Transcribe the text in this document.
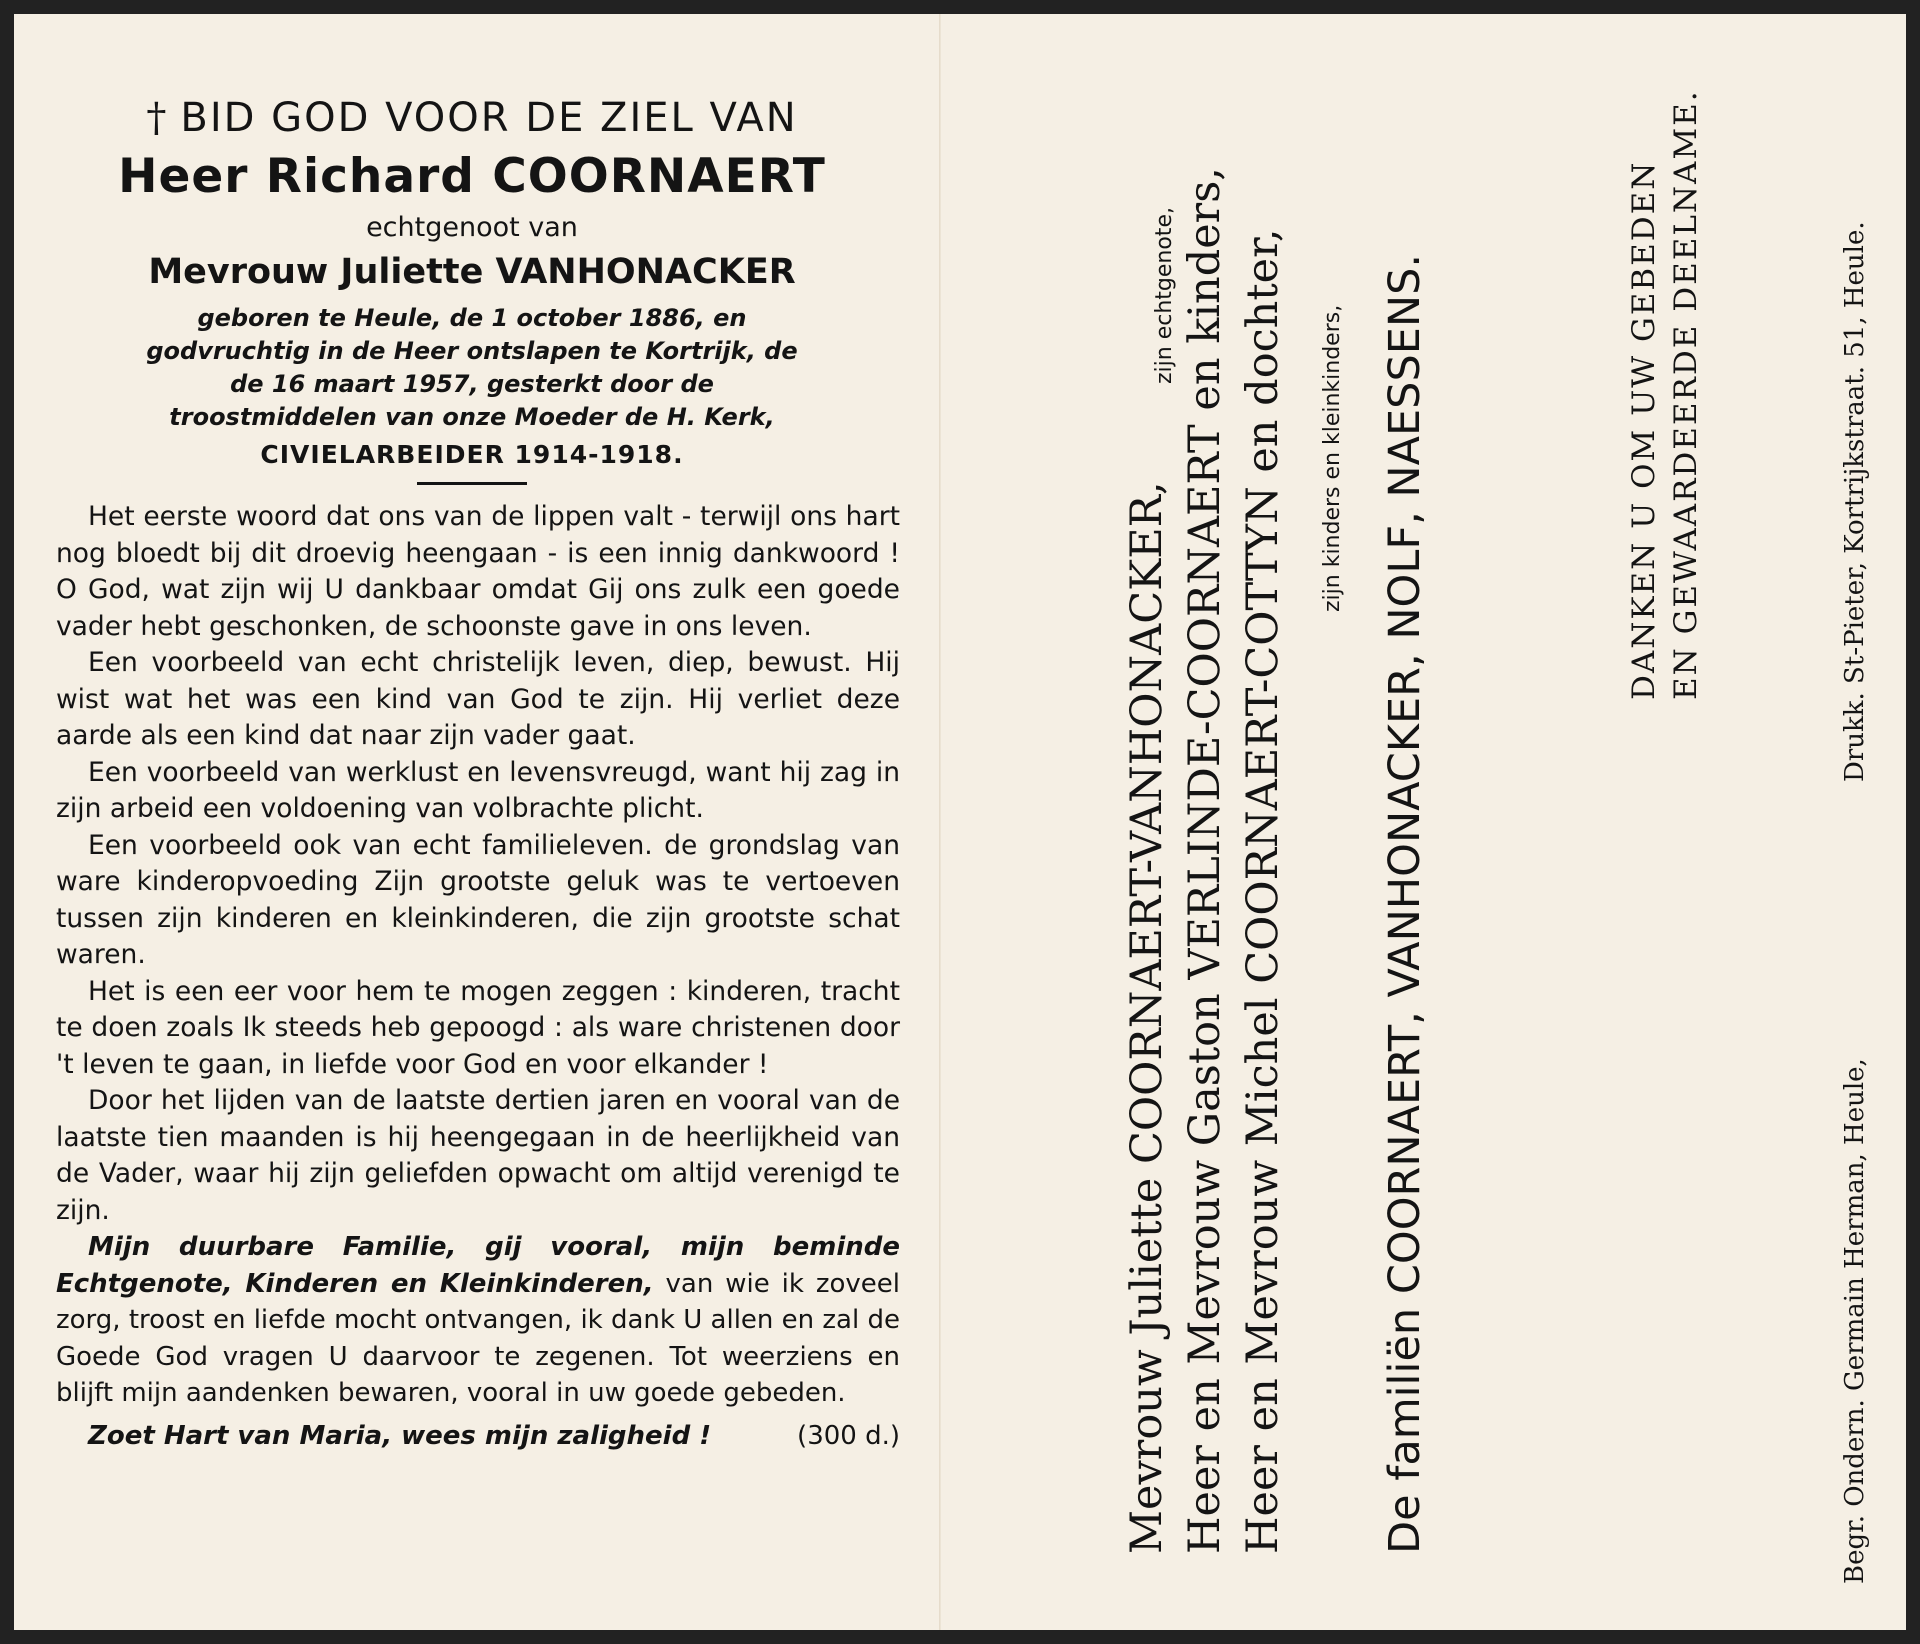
† BID GOD VOOR DE ZIEL VAN
Heer Richard COORNAERT
echtgenoot van
Mevrouw Juliette VANHONACKER
geboren te Heule, de 1 october 1886, en
godvruchtig in de Heer ontslapen te Kortrijk, de
de 16 maart 1957, gesterkt door de
troostmiddelen van onze Moeder de H. Kerk,
CIVIELARBEIDER 1914-1918.

Het eerste woord dat ons van de lippen valt - terwijl ons hart nog bloedt bij dit droevig heengaan - is een innig dankwoord ! O God, wat zijn wij U dankbaar omdat Gij ons zulk een goede vader hebt geschonken, de schoonste gave in ons leven.

Een voorbeeld van echt christelijk leven, diep, bewust. Hij wist wat het was een kind van God te zijn. Hij verliet deze aarde als een kind dat naar zijn vader gaat.

Een voorbeeld van werklust en levensvreugd, want hij zag in zijn arbeid een voldoening van volbrachte plicht.

Een voorbeeld ook van echt familieleven. de grondslag van ware kinderopvoeding Zijn grootste geluk was te vertoeven tussen zijn kinderen en kleinkinderen, die zijn grootste schat waren.

Het is een eer voor hem te mogen zeggen : kinderen, tracht te doen zoals Ik steeds heb gepoogd : als ware christenen door 't leven te gaan, in liefde voor God en voor elkander !

Door het lijden van de laatste dertien jaren en vooral van de laatste tien maanden is hij heengegaan in de heerlijkheid van de Vader, waar hij zijn geliefden opwacht om altijd verenigd te zijn.

Mijn duurbare Familie, gij vooral, mijn beminde Echtgenote, Kinderen en Kleinkinderen, van wie ik zoveel zorg, troost en liefde mocht ontvangen, ik dank U allen en zal de Goede God vragen U daarvoor te zegenen. Tot weerziens en blijft mijn aandenken bewaren, vooral in uw goede gebeden.
Zoet Hart van Maria, wees mijn zaligheid !	(300 d.)	Mevrouw Juliette COORNAERT-VANHONACKER,
zijn echtgenote, Heer en Mevrouw Gaston VERLINDE-COORNAERT en kinders, Heer en Mevrouw Michel COORNAERT-COTTYN en dochter, zijn kinders en kleinkinders, De familiën COORNAERT, VANHONACKER, NOLF, NAESSENS.	DANKEN U OM UW GEBEDEN EN GEWAARDEERDE DEELNAME.	Drukk. St-Pieter, Kortrijkstraat. 51, Heule.
Begr. Ondern. Germain Herman, Heule,
